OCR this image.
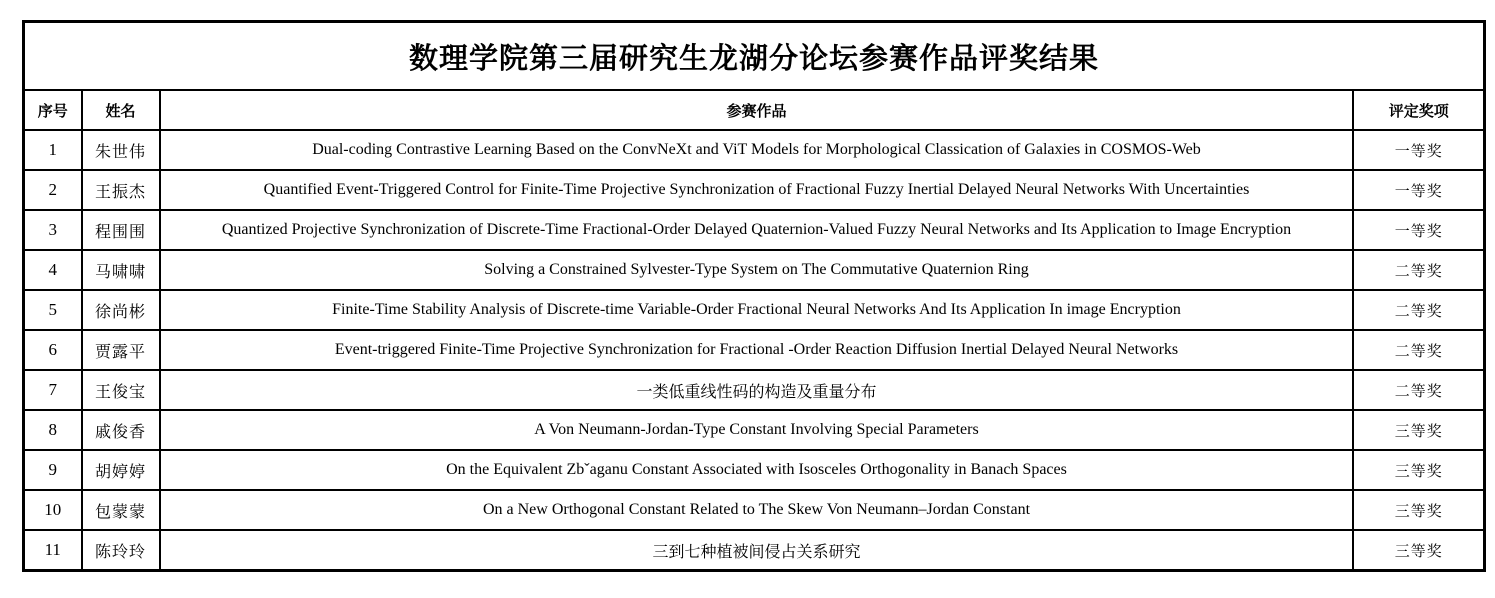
数理学院第三届研究生龙湖分论坛参赛作品评奖结果			
序号	姓名	参赛作品	评定奖项
1	朱世伟	Dual-coding Contrastive Learning Based on the ConvNeXt and ViT Models for Morphological Classication of Galaxies in COSMOS-Web	一等奖
2	王振杰	Quantified Event-Triggered Control for Finite-Time Projective Synchronization of Fractional Fuzzy Inertial Delayed Neural Networks With Uncertainties	一等奖
3	程围围	Quantized Projective Synchronization of Discrete-Time Fractional-Order Delayed Quaternion-Valued Fuzzy Neural Networks and Its Application to Image Encryption	一等奖
4	马啸啸	Solving a Constrained Sylvester-Type System on The Commutative Quaternion Ring	二等奖
5	徐尚彬	Finite-Time Stability Analysis of Discrete-time Variable-Order Fractional Neural Networks And Its Application In image Encryption	二等奖
6	贾露平	Event-triggered Finite-Time Projective Synchronization for Fractional -Order Reaction Diffusion Inertial Delayed Neural Networks	二等奖
7	王俊宝	一类低重线性码的构造及重量分布	二等奖
8	戚俊香	A Von Neumann-Jordan-Type Constant Involving Special Parameters	三等奖
9	胡婷婷	On the Equivalent Zbˇaganu Constant Associated with Isosceles Orthogonality in Banach Spaces	三等奖
10	包蒙蒙	On a New Orthogonal Constant Related to The Skew Von Neumann–Jordan Constant	三等奖
11	陈玲玲	三到七种植被间侵占关系研究	三等奖
